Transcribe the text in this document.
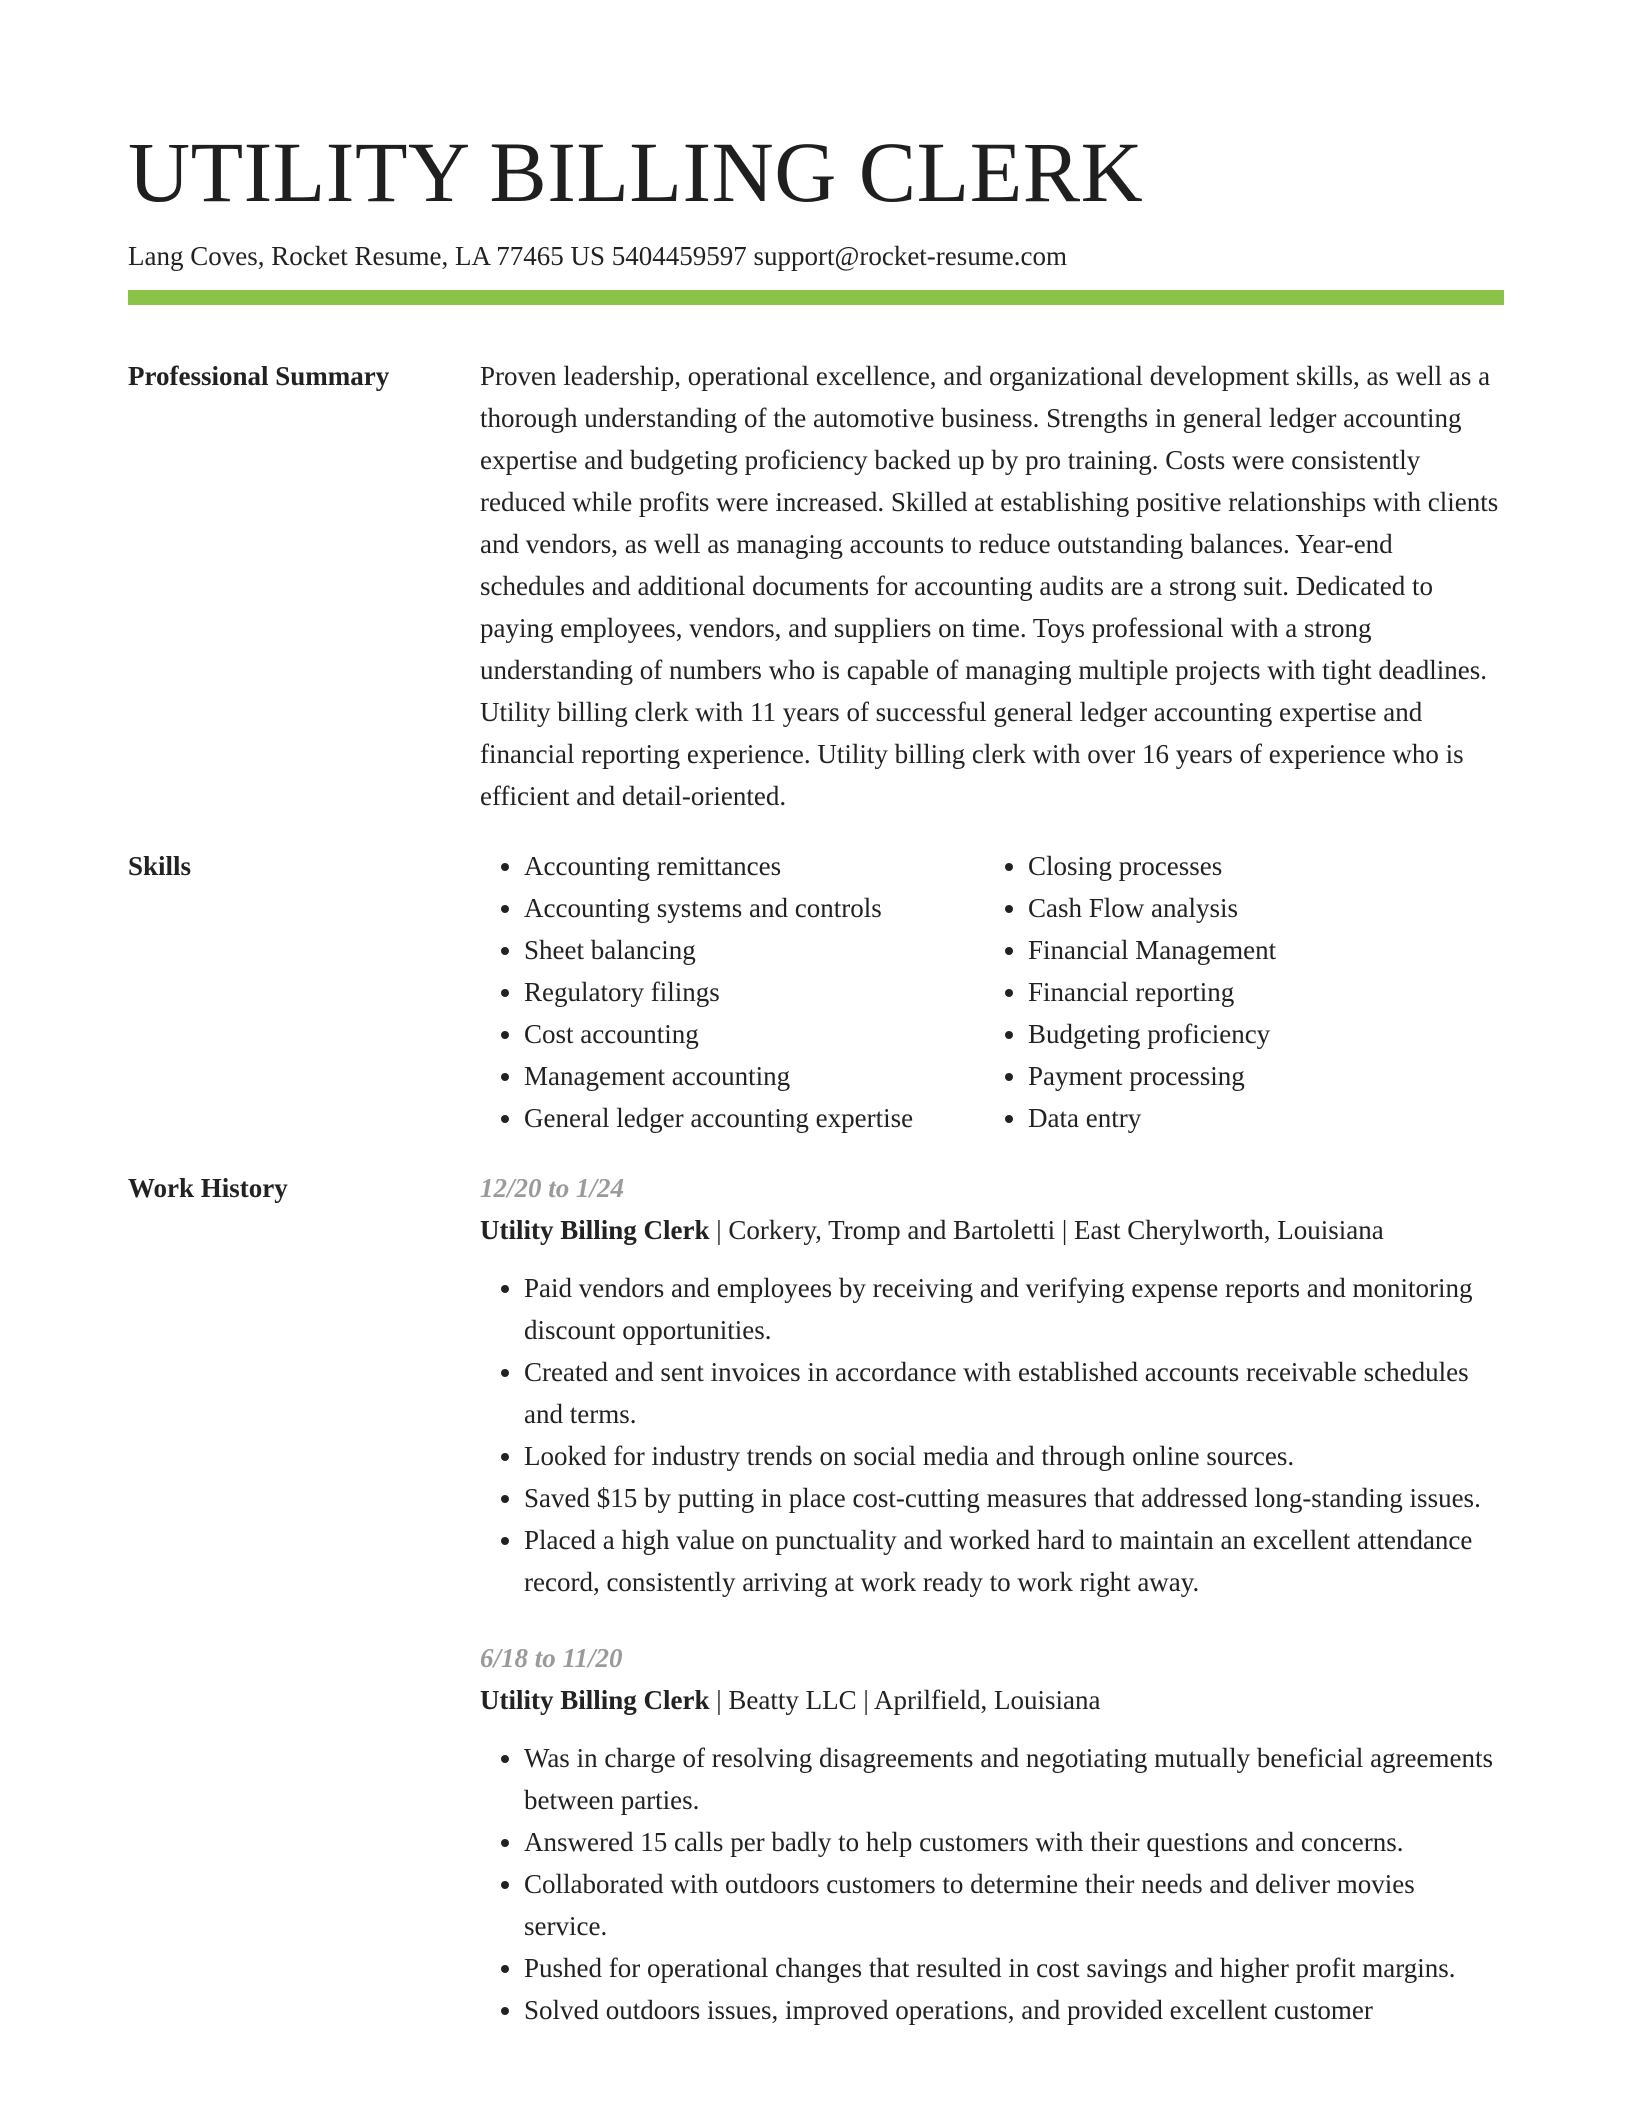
UTILITY BILLING CLERK
Lang Coves, Rocket Resume, LA 77465 US 5404459597 support@rocket-resume.com
Professional Summary	Proven leadership, operational excellence, and organizational development skills, as well as a thorough understanding of the automotive business. Strengths in general ledger accounting expertise and budgeting proficiency backed up by pro training. Costs were consistently reduced while profits were increased. Skilled at establishing positive relationships with clients and vendors, as well as managing accounts to reduce outstanding balances. Year-end schedules and additional documents for accounting audits are a strong suit. Dedicated to paying employees, vendors, and suppliers on time. Toys professional with a strong understanding of numbers who is capable of managing multiple projects with tight deadlines. Utility billing clerk with 11 years of successful general ledger accounting expertise and financial reporting experience. Utility billing clerk with over 16 years of experience who is efficient and detail-oriented.

Skills
•	Accounting remittances
• Accounting systems and controls
• Sheet balancing
• Regulatory filings
• Cost accounting
• Management accounting
• General ledger accounting expertise
• Closing processes
• Cash Flow analysis
• Financial Management
• Financial reporting
• Budgeting proficiency
• Payment processing
• Data entry
Work History	12/20 to 1/24
Utility Billing Clerk | Corkery, Tromp and Bartoletti | East Cherylworth, Louisiana
• Paid vendors and employees by receiving and verifying expense reports and monitoring discount opportunities.
• Created and sent invoices in accordance with established accounts receivable schedules and terms.
• Looked for industry trends on social media and through online sources.
• Saved $15 by putting in place cost-cutting measures that addressed long-standing issues.
• Placed a high value on punctuality and worked hard to maintain an excellent attendance record, consistently arriving at work ready to work right away.
6/18 to 11/20
Utility Billing Clerk | Beatty LLC | Aprilfield, Louisiana
• Was in charge of resolving disagreements and negotiating mutually beneficial agreements between parties.
• Answered 15 calls per badly to help customers with their questions and concerns.
• Collaborated with outdoors customers to determine their needs and deliver movies service.
• Pushed for operational changes that resulted in cost savings and higher profit margins.
• Solved outdoors issues, improved operations, and provided excellent customer
